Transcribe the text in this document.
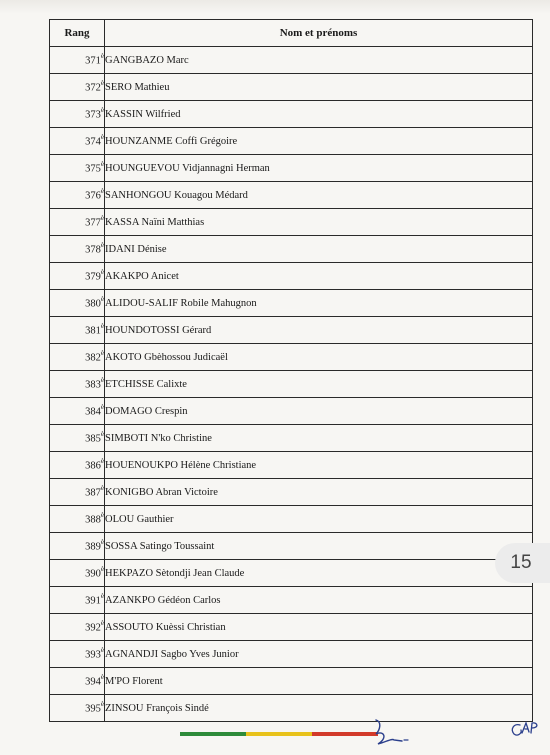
Rang	Nom et prénoms
$371^è$	GANGBAZO Marc
$372^è$	SERO Mathieu
$373^è$	KASSIN Wilfried
$374^è$	HOUNZANME Coffi Grégoire
$375^è$	HOUNGUEVOU Vidjannagni Herman
$376^è$	SANHONGOU Kouagou Médard
$377^è$	KASSA Naïni Matthias
$378^è$	IDANI Dénise
$379^è$	AKAKPO Anicet
$380^è$	ALIDOU-SALIF Robile Mahugnon
$381^è$	HOUNDOTOSSI Gérard
$382^è$	AKOTO Gbèhossou Judicaël
$383^è$	ETCHISSE Calixte
$384^è$	DOMAGO Crespin
$385^è$	SIMBOTI N'ko Christine
$386^è$	HOUENOUKPO Hélène Christiane
$387^è$	KONIGBO Abran Victoire
$388^è$	OLOU Gauthier
$389^è$	SOSSA Satingo Toussaint
$390^è$	HEKPAZO Sètondji Jean Claude
$391^è$	AZANKPO Gédéon Carlos
$392^è$	ASSOUTO Kuèssi Christian
$393^è$	AGNANDJI Sagbo Yves Junior
$394^è$	M'PO Florent
$395^è$	ZINSOU François Sindé
15
